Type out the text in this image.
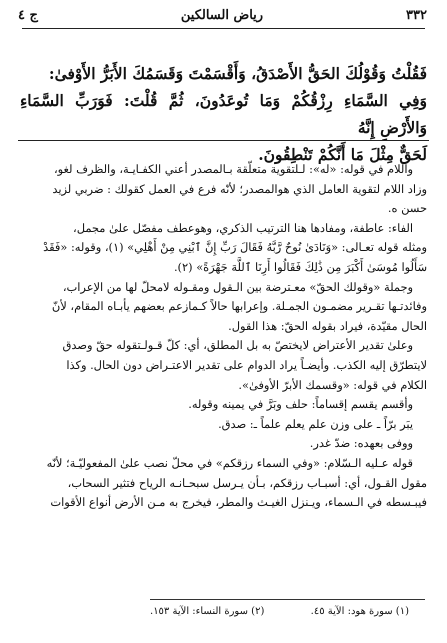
٣٣٢
رياض السالكين
ج ٤

فَقُلْتُ وَقُوْلُكَ الحَقُّ الأَصْدَقُ، وَأَقْسَمْتَ وَقَسَمُكَ الأَبَرُّ الأَوْفىٰ:

وَفِي السَّمَاءِ رِزْقُكُمْ وَمَا تُوعَدُونَ، ثُمَّ قُلْتَ: فَوَرَبِّ السَّمَاءِ وَالأَرْضِ إِنَّهُ

لَحَقٌّ مِثْلَ مَا أَنَّكُمْ تَنْطِقُونَ.

واللام في قوله: «له»: لـلتقوية متعلّقة بـالمصدر أعني الكفـايـة، والظرف لغو،

وزاد اللام لتقوية العامل الذي هوالمصدر؛ لأنّه فرع في العمل كقولك : ضربي لزيد

حسن ه.

الفاء: عاطفة، ومفادها هنا الترتيب الذكري، وهوعطف مفصّل علىٰ مجمل،

ومثله قوله تعـالى: «وَنَادَىٰ نُوحٌ رَّبَّهُ فَقَالَ رَبِّ إِنَّ ٱبْنِي مِنْ أَهْلِي» (١)، وقوله: «فَقَدْ

سَأَلُوا مُوسَىٰ أَكْبَرَ مِن ذَٰلِكَ فَقَالُوا أَرِنَا ٱللَّهَ جَهْرَةً» (٢).

وجملة «وقولك الحقّ» معـترضة بين الـقول ومقـوله لامحلّ لها من الإعراب،

وفائدتـها تقـرير مضمـون الجمـلة. وإعرابها حالاً كـمازعم بعضهم يأبـاه المقام، لأنّ

الحال مقيّدة، فيراد بقوله الحقّ: هذا القول.

وعلىٰ تقدير الأعتراض لايختصّ به بل المطلق، أي: كلّ قـولـتقوله حقّ وصدق

لايتطرّق إليه الكذب. وأيضـاً يراد الدوام على تقدير الاعتـراض دون الحال. وكذا

الكلام في قوله: «وقسمك الأبرّ الأوفىٰ».

وأقسم يقسم إقساماً: حلف وبَرَّ في يمينه وقوله.

يبَر برّاً ـ على وزن علم يعلم علماً ـ: صدق.

ووفى بعهده: ضدّ غدر.

قوله عـليه الـسّلام: «وفي السماء رزقكم» في محلّ نصب علىٰ المفعوليّـة؛ لأنّه

مقول القـول، أي: أسبـاب رزقكم، بـأن يـرسل سبحـانـه الرياح فتثير السحاب،

فيبـسطه في الـسماء، ويـنزل الغيـث والمطر، فيخرج به مـن الأرض أنواع الأقوات

(١) سورة هود: الآية ٤٥.
(٢) سورة النساء: الآية ١٥٣.
